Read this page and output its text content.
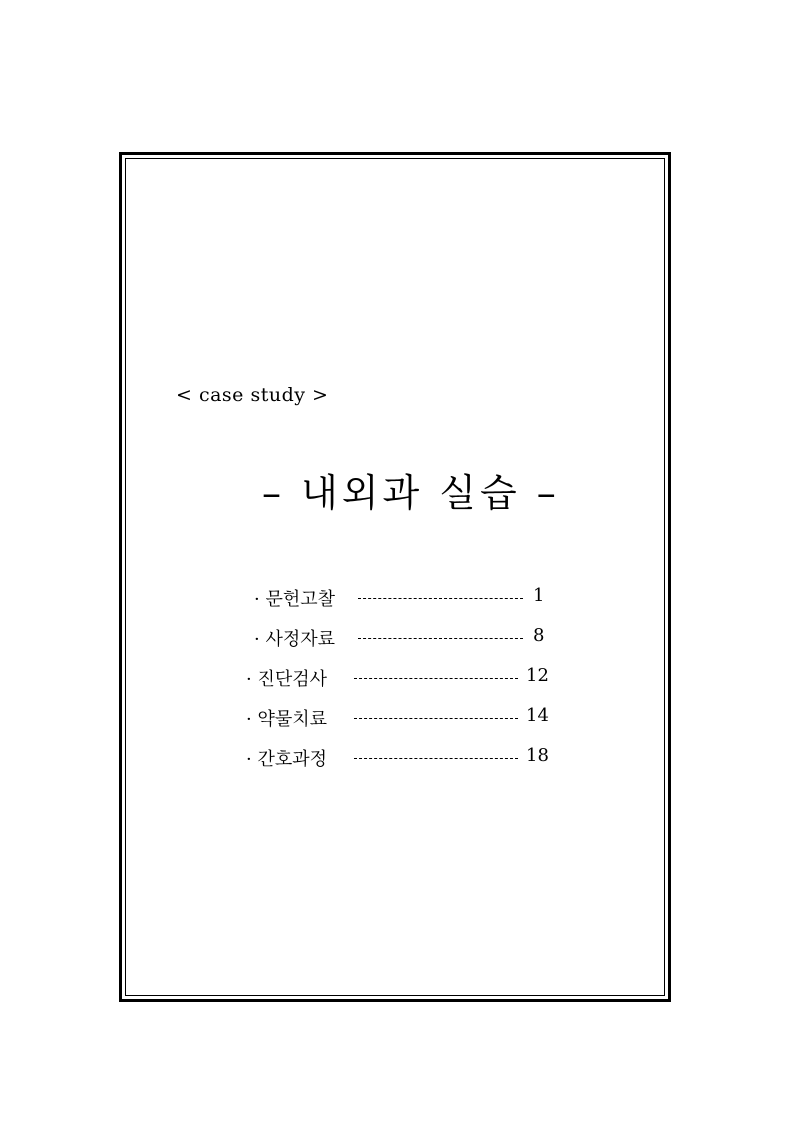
< case study >
– 내외과 실습 –
· 문헌고찰	1
· 사정자료	8
· 진단검사	12
· 약물치료	14
· 간호과정	18
